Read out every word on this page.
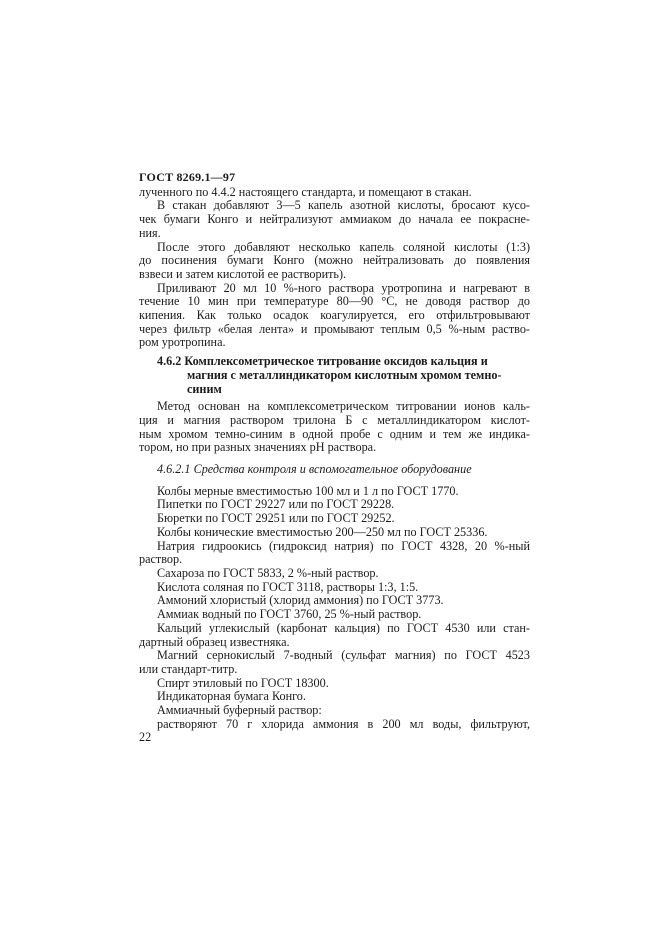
ГОСТ 8269.1—97
лученного по 4.4.2 настоящего стандарта, и помещают в стакан.
В стакан добавляют 3—5 капель азотной кислоты, бросают кусо-
чек бумаги Конго и нейтрализуют аммиаком до начала ее покрасне-
ния.
После этого добавляют несколько капель соляной кислоты (1:3)
до посинения бумаги Конго (можно нейтрализовать до появления
взвеси и затем кислотой ее растворить).
Приливают 20 мл 10 %-ного раствора уротропина и нагревают в
течение 10 мин при температуре 80—90 °С, не доводя раствор до
кипения. Как только осадок коагулируется, его отфильтровывают
через фильтр «белая лента» и промывают теплым 0,5 %-ным раство-
ром уротропина.
4.6.2 Комплексометрическое титрование оксидов кальция и
магния с металлиндикатором кислотным хромом темно-синим
Метод основан на комплексометрическом титровании ионов каль-
ция и магния раствором трилона Б с металлиндикатором кислот-
ным хромом темно-синим в одной пробе с одним и тем же индика-
тором, но при разных значениях pH раствора.
4.6.2.1 Средства контроля и вспомогательное оборудование
Колбы мерные вместимостью 100 мл и 1 л по ГОСТ 1770.
Пипетки по ГОСТ 29227 или по ГОСТ 29228.
Бюретки по ГОСТ 29251 или по ГОСТ 29252.
Колбы конические вместимостью 200—250 мл по ГОСТ 25336.
Натрия гидроокись (гидроксид натрия) по ГОСТ 4328, 20 %-ный
раствор.
Сахароза по ГОСТ 5833, 2 %-ный раствор.
Кислота соляная по ГОСТ 3118, растворы 1:3, 1:5.
Аммоний хлористый (хлорид аммония) по ГОСТ 3773.
Аммиак водный по ГОСТ 3760, 25 %-ный раствор.
Кальций углекислый (карбонат кальция) по ГОСТ 4530 или стан-
дартный образец известняка.
Магний сернокислый 7-водный (сульфат магния) по ГОСТ 4523
или стандарт-титр.
Спирт этиловый по ГОСТ 18300.
Индикаторная бумага Конго.
Аммиачный буферный раствор:
растворяют 70 г хлорида аммония в 200 мл воды, фильтруют,
22
